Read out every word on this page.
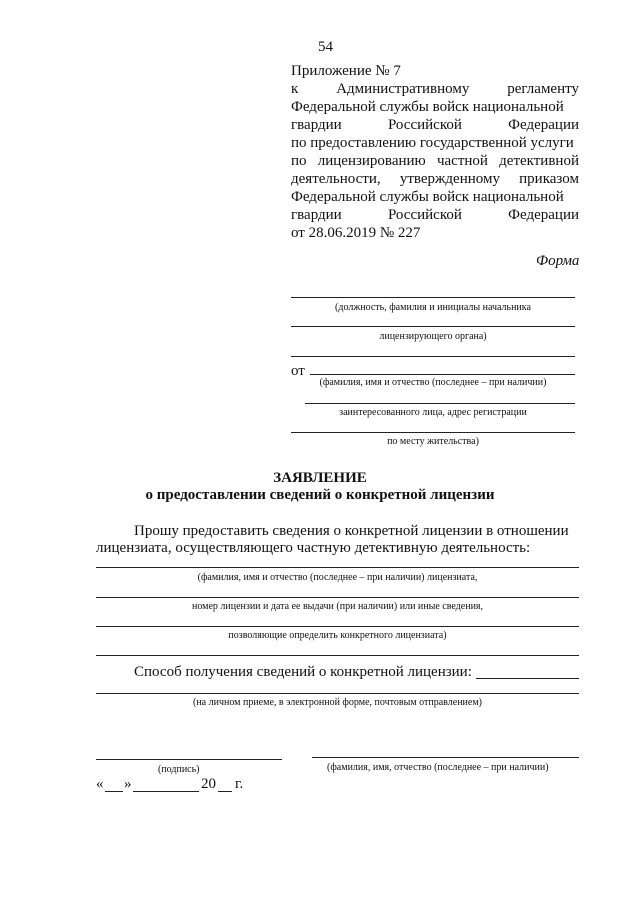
54
Приложение № 7
к	Административному	регламенту
Федеральной службы войск национальной
гвардии	Российской	Федерации
по предоставлению государственной услуги
по лицензированию частной детективной
деятельности, утвержденному приказом
Федеральной службы войск национальной
гвардии	Российской	Федерации
от 28.06.2019 № 227
Форма
(должность, фамилия и инициалы начальника
лицензирующего органа)
от
(фамилия, имя и отчество (последнее – при наличии)
заинтересованного лица, адрес регистрации
по месту жительства)
ЗАЯВЛЕНИЕ
о предоставлении сведений о конкретной лицензии
Прошу предоставить сведения о конкретной лицензии в отношении
лицензиата, осуществляющего частную детективную деятельность:
(фамилия, имя и отчество (последнее – при наличии) лицензиата,
номер лицензии и дата ее выдачи (при наличии) или иные сведения,
позволяющие определить конкретного лицензиата)
Способ получения сведений о конкретной лицензии:
(на личном приеме, в электронной форме, почтовым отправлением)
(подпись)	(фамилия, имя, отчество (последнее – при наличии)
« »	20 г.
